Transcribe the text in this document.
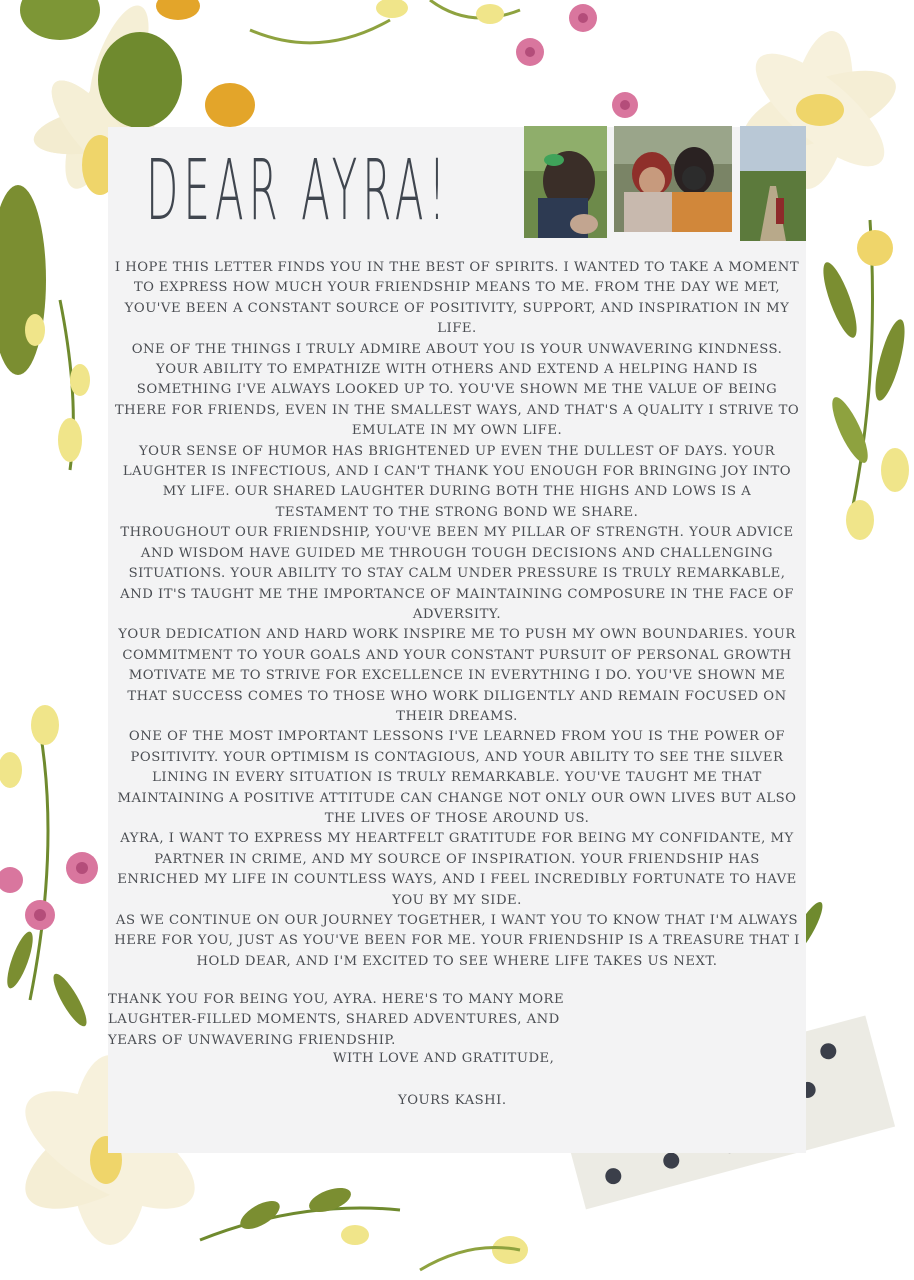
DEAR AYRA!

I HOPE THIS LETTER FINDS YOU IN THE BEST OF SPIRITS. I WANTED TO TAKE A MOMENT TO EXPRESS HOW MUCH YOUR FRIENDSHIP MEANS TO ME. FROM THE DAY WE MET, YOU'VE BEEN A CONSTANT SOURCE OF POSITIVITY, SUPPORT, AND INSPIRATION IN MY LIFE.

ONE OF THE THINGS I TRULY ADMIRE ABOUT YOU IS YOUR UNWAVERING KINDNESS. YOUR ABILITY TO EMPATHIZE WITH OTHERS AND EXTEND A HELPING HAND IS SOMETHING I'VE ALWAYS LOOKED UP TO. YOU'VE SHOWN ME THE VALUE OF BEING THERE FOR FRIENDS, EVEN IN THE SMALLEST WAYS, AND THAT'S A QUALITY I STRIVE TO EMULATE IN MY OWN LIFE.

YOUR SENSE OF HUMOR HAS BRIGHTENED UP EVEN THE DULLEST OF DAYS. YOUR LAUGHTER IS INFECTIOUS, AND I CAN'T THANK YOU ENOUGH FOR BRINGING JOY INTO MY LIFE. OUR SHARED LAUGHTER DURING BOTH THE HIGHS AND LOWS IS A TESTAMENT TO THE STRONG BOND WE SHARE.

THROUGHOUT OUR FRIENDSHIP, YOU'VE BEEN MY PILLAR OF STRENGTH. YOUR ADVICE AND WISDOM HAVE GUIDED ME THROUGH TOUGH DECISIONS AND CHALLENGING SITUATIONS. YOUR ABILITY TO STAY CALM UNDER PRESSURE IS TRULY REMARKABLE, AND IT'S TAUGHT ME THE IMPORTANCE OF MAINTAINING COMPOSURE IN THE FACE OF ADVERSITY.

YOUR DEDICATION AND HARD WORK INSPIRE ME TO PUSH MY OWN BOUNDARIES. YOUR COMMITMENT TO YOUR GOALS AND YOUR CONSTANT PURSUIT OF PERSONAL GROWTH MOTIVATE ME TO STRIVE FOR EXCELLENCE IN EVERYTHING I DO. YOU'VE SHOWN ME THAT SUCCESS COMES TO THOSE WHO WORK DILIGENTLY AND REMAIN FOCUSED ON THEIR DREAMS.

ONE OF THE MOST IMPORTANT LESSONS I'VE LEARNED FROM YOU IS THE POWER OF POSITIVITY. YOUR OPTIMISM IS CONTAGIOUS, AND YOUR ABILITY TO SEE THE SILVER LINING IN EVERY SITUATION IS TRULY REMARKABLE. YOU'VE TAUGHT ME THAT MAINTAINING A POSITIVE ATTITUDE CAN CHANGE NOT ONLY OUR OWN LIVES BUT ALSO THE LIVES OF THOSE AROUND US.

AYRA, I WANT TO EXPRESS MY HEARTFELT GRATITUDE FOR BEING MY CONFIDANTE, MY PARTNER IN CRIME, AND MY SOURCE OF INSPIRATION. YOUR FRIENDSHIP HAS ENRICHED MY LIFE IN COUNTLESS WAYS, AND I FEEL INCREDIBLY FORTUNATE TO HAVE YOU BY MY SIDE.

AS WE CONTINUE ON OUR JOURNEY TOGETHER, I WANT YOU TO KNOW THAT I'M ALWAYS HERE FOR YOU, JUST AS YOU'VE BEEN FOR ME. YOUR FRIENDSHIP IS A TREASURE THAT I HOLD DEAR, AND I'M EXCITED TO SEE WHERE LIFE TAKES US NEXT.

THANK YOU FOR BEING YOU, AYRA. HERE'S TO MANY MORE LAUGHTER-FILLED MOMENTS, SHARED ADVENTURES, AND YEARS OF UNWAVERING FRIENDSHIP.
WITH LOVE AND GRATITUDE,
YOURS KASHI.
